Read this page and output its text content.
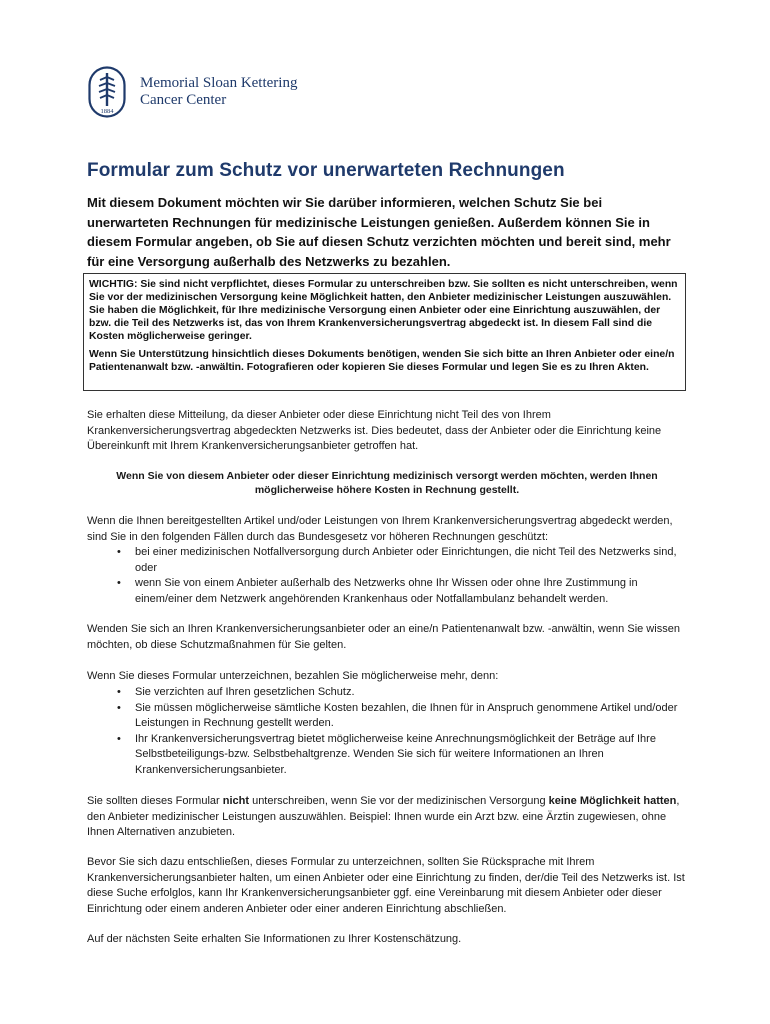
1884
Memorial Sloan Kettering
Cancer Center
Formular zum Schutz vor unerwarteten Rechnungen

Mit diesem Dokument möchten wir Sie darüber informieren, welchen Schutz Sie bei unerwarteten Rechnungen für medizinische Leistungen genießen. Außerdem können Sie in diesem Formular angeben, ob Sie auf diesen Schutz verzichten möchten und bereit sind, mehr für eine Versorgung außerhalb des Netzwerks zu bezahlen.

WICHTIG: Sie sind nicht verpflichtet, dieses Formular zu unterschreiben bzw. Sie sollten es nicht unterschreiben, wenn Sie vor der medizinischen Versorgung keine Möglichkeit hatten, den Anbieter medizinischer Leistungen auszuwählen. Sie haben die Möglichkeit, für Ihre medizinische Versorgung einen Anbieter oder eine Einrichtung auszuwählen, der bzw. die Teil des Netzwerks ist, das von Ihrem Krankenversicherungsvertrag abgedeckt ist. In diesem Fall sind die Kosten möglicherweise geringer.

Wenn Sie Unterstützung hinsichtlich dieses Dokuments benötigen, wenden Sie sich bitte an Ihren Anbieter oder eine/n Patientenanwalt bzw. -anwältin. Fotografieren oder kopieren Sie dieses Formular und legen Sie es zu Ihren Akten.

Sie erhalten diese Mitteilung, da dieser Anbieter oder diese Einrichtung nicht Teil des von Ihrem Krankenversicherungsvertrag abgedeckten Netzwerks ist. Dies bedeutet, dass der Anbieter oder die Einrichtung keine Übereinkunft mit Ihrem Krankenversicherungsanbieter getroffen hat.

Wenn Sie von diesem Anbieter oder dieser Einrichtung medizinisch versorgt werden möchten, werden Ihnen möglicherweise höhere Kosten in Rechnung gestellt.

Wenn die Ihnen bereitgestellten Artikel und/oder Leistungen von Ihrem Krankenversicherungsvertrag abgedeckt werden, sind Sie in den folgenden Fällen durch das Bundesgesetz vor höheren Rechnungen geschützt:

• bei einer medizinischen Notfallversorgung durch Anbieter oder Einrichtungen, die nicht Teil des Netzwerks sind, oder
• wenn Sie von einem Anbieter außerhalb des Netzwerks ohne Ihr Wissen oder ohne Ihre Zustimmung in einem/einer dem Netzwerk angehörenden Krankenhaus oder Notfallambulanz behandelt werden.

Wenden Sie sich an Ihren Krankenversicherungsanbieter oder an eine/n Patientenanwalt bzw. -anwältin, wenn Sie wissen möchten, ob diese Schutzmaßnahmen für Sie gelten.

Wenn Sie dieses Formular unterzeichnen, bezahlen Sie möglicherweise mehr, denn:

• Sie verzichten auf Ihren gesetzlichen Schutz.
• Sie müssen möglicherweise sämtliche Kosten bezahlen, die Ihnen für in Anspruch genommene Artikel und/oder Leistungen in Rechnung gestellt werden.
• Ihr Krankenversicherungsvertrag bietet möglicherweise keine Anrechnungsmöglichkeit der Beträge auf Ihre Selbstbeteiligungs-bzw. Selbstbehaltgrenze. Wenden Sie sich für weitere Informationen an Ihren Krankenversicherungsanbieter.

Sie sollten dieses Formular nicht unterschreiben, wenn Sie vor der medizinischen Versorgung keine Möglichkeit hatten, den Anbieter medizinischer Leistungen auszuwählen. Beispiel: Ihnen wurde ein Arzt bzw. eine Ärztin zugewiesen, ohne Ihnen Alternativen anzubieten.

Bevor Sie sich dazu entschließen, dieses Formular zu unterzeichnen, sollten Sie Rücksprache mit Ihrem Krankenversicherungsanbieter halten, um einen Anbieter oder eine Einrichtung zu finden, der/die Teil des Netzwerks ist. Ist diese Suche erfolglos, kann Ihr Krankenversicherungsanbieter ggf. eine Vereinbarung mit diesem Anbieter oder dieser Einrichtung oder einem anderen Anbieter oder einer anderen Einrichtung abschließen.

Auf der nächsten Seite erhalten Sie Informationen zu Ihrer Kostenschätzung.
